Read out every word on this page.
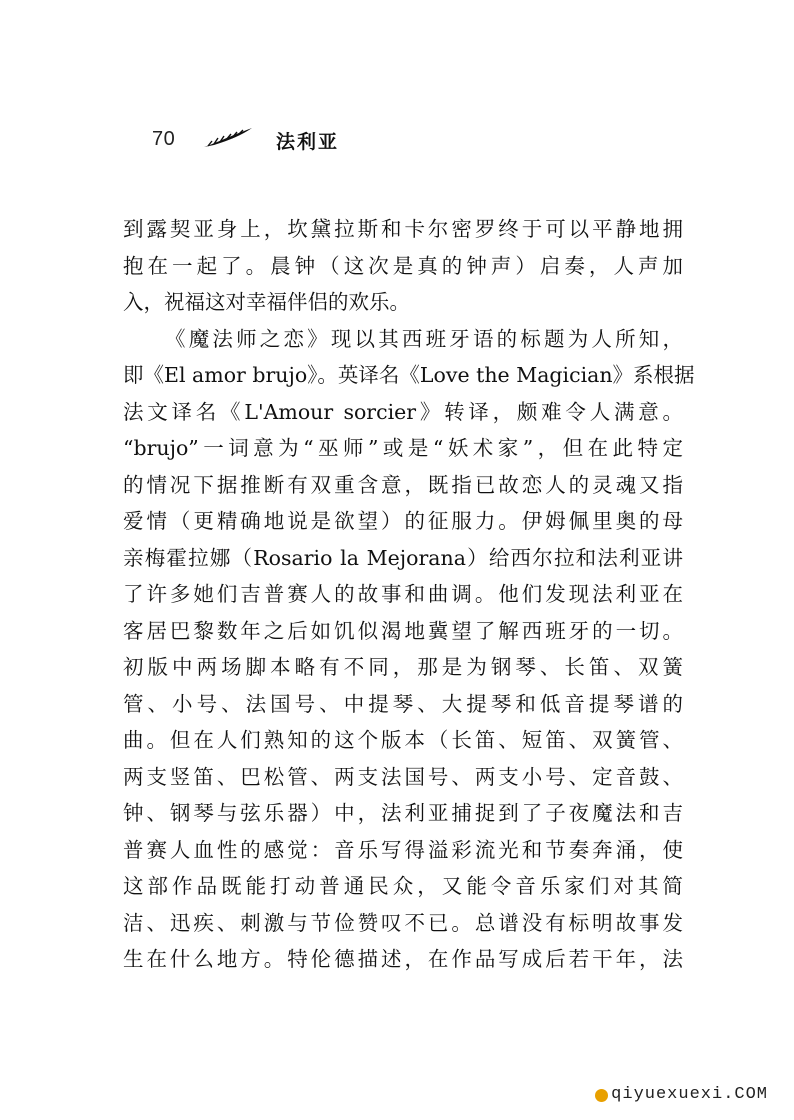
70	法利亚
到露契亚身上，坎黛拉斯和卡尔密罗终于可以平静地拥
抱在一起了。晨钟（这次是真的钟声）启奏，人声加
入，祝福这对幸福伴侣的欢乐。
《魔法师之恋》现以其西班牙语的标题为人所知，
即《El amor brujo》。英译名《Love the Magician》系根据
法文译名《L'Amour sorcier》转译，颇难令人满意。
“brujo”一词意为“巫师”或是“妖术家”，但在此特定
的情况下据推断有双重含意，既指已故恋人的灵魂又指
爱情（更精确地说是欲望）的征服力。伊姆佩里奥的母
亲梅霍拉娜（Rosario la Mejorana）给西尔拉和法利亚讲
了许多她们吉普赛人的故事和曲调。他们发现法利亚在
客居巴黎数年之后如饥似渴地冀望了解西班牙的一切。
初版中两场脚本略有不同，那是为钢琴、长笛、双簧
管、小号、法国号、中提琴、大提琴和低音提琴谱的
曲。但在人们熟知的这个版本（长笛、短笛、双簧管、
两支竖笛、巴松管、两支法国号、两支小号、定音鼓、
钟、钢琴与弦乐器）中，法利亚捕捉到了子夜魔法和吉
普赛人血性的感觉：音乐写得溢彩流光和节奏奔涌，使
这部作品既能打动普通民众，又能令音乐家们对其简
洁、迅疾、刺激与节俭赞叹不已。总谱没有标明故事发
生在什么地方。特伦德描述，在作品写成后若干年，法
qiyuexuexi.COM
